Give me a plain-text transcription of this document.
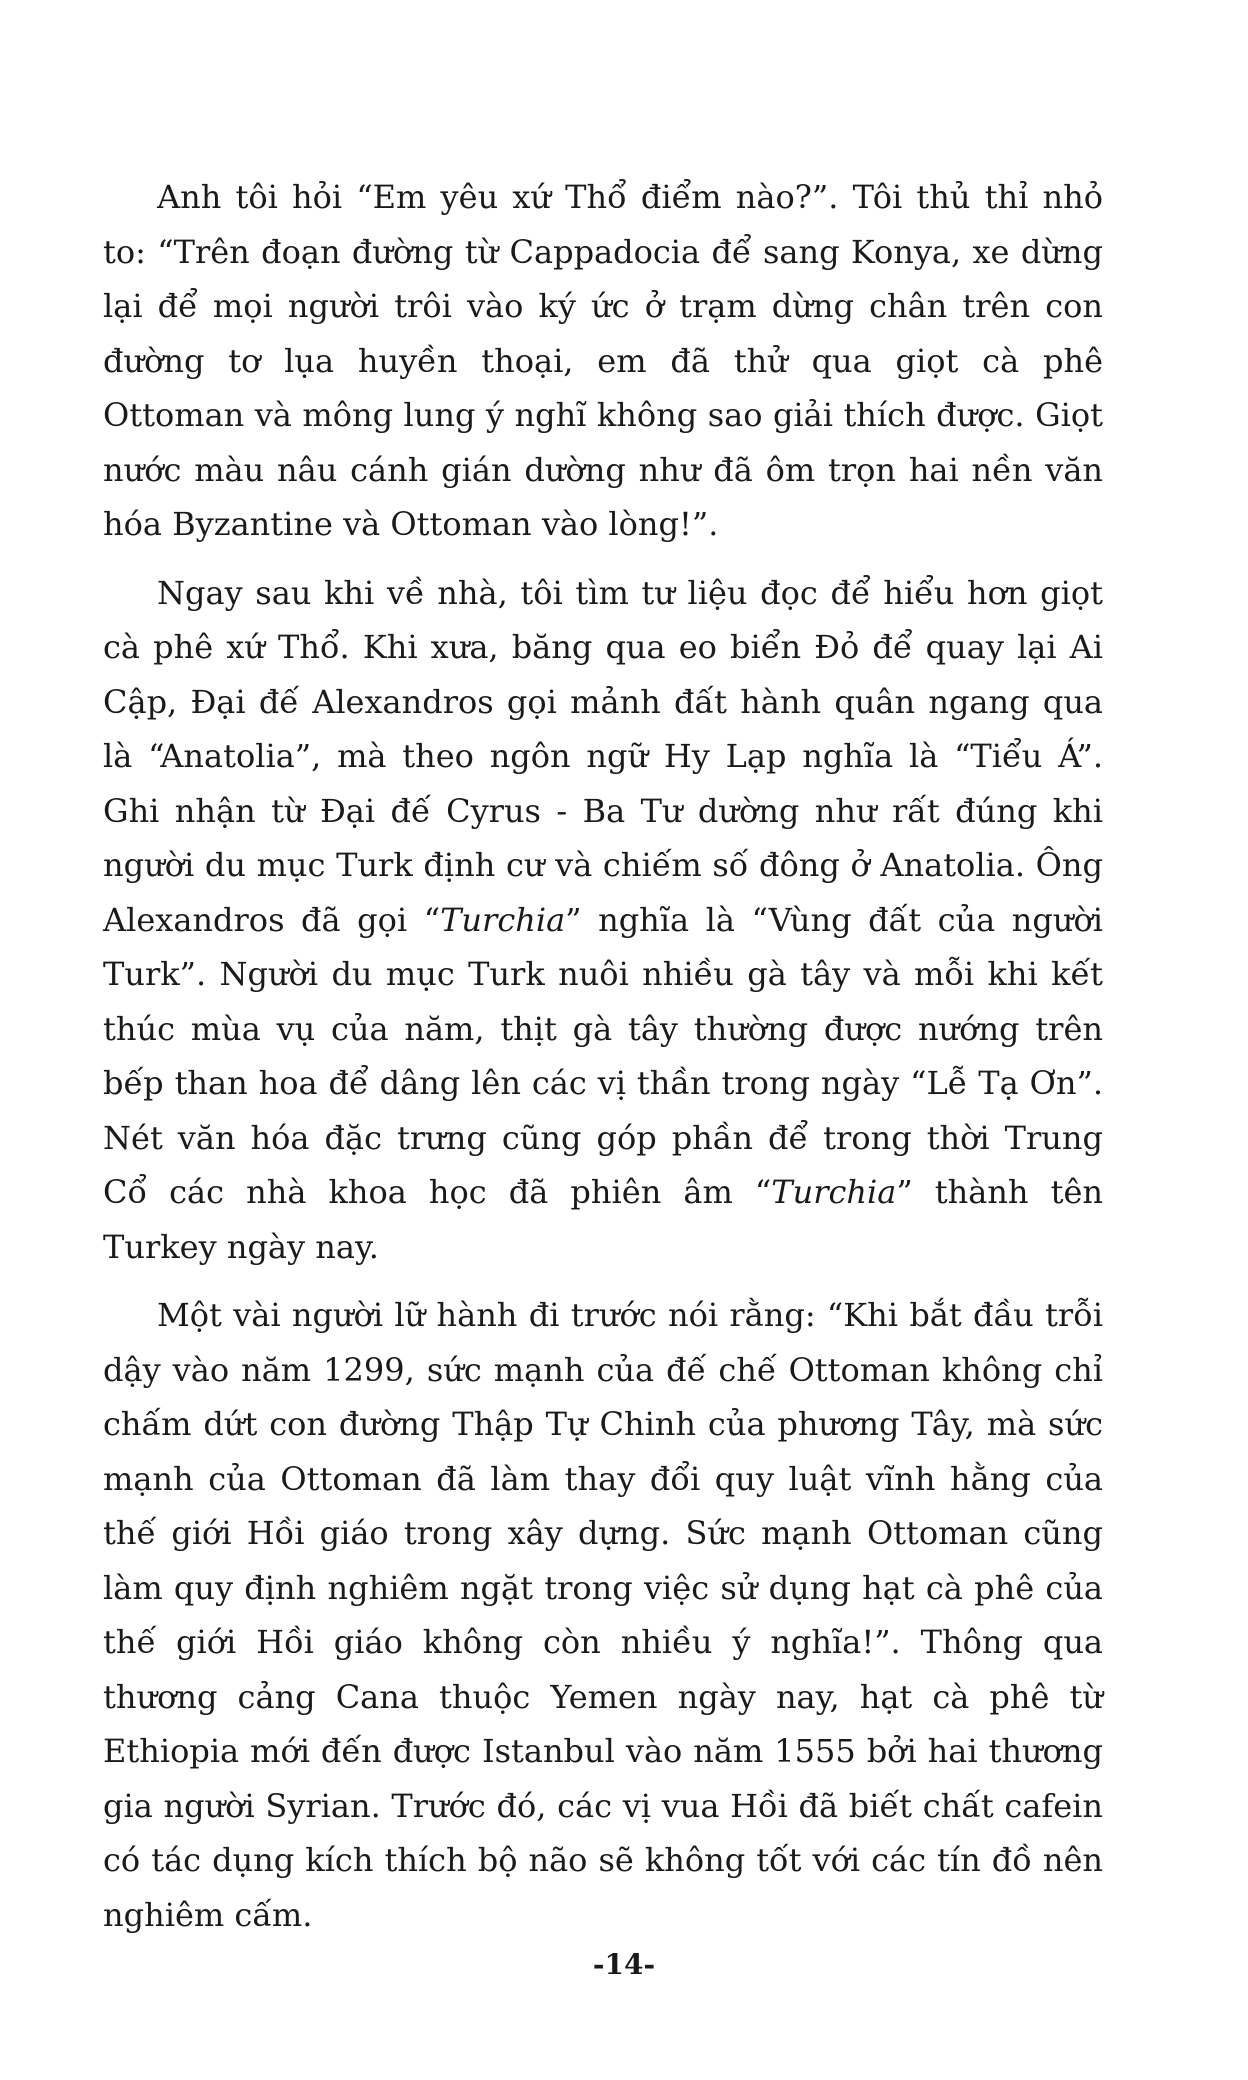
Anh tôi hỏi “Em yêu xứ Thổ điểm nào?”. Tôi thủ thỉ nhỏ to: “Trên đoạn đường từ Cappadocia để sang Konya, xe dừng lại để mọi người trôi vào ký ức ở trạm dừng chân trên con đường tơ lụa huyền thoại, em đã thử qua giọt cà phê Ottoman và mông lung ý nghĩ không sao giải thích được. Giọt nước màu nâu cánh gián dường như đã ôm trọn hai nền văn hóa Byzantine và Ottoman vào lòng!”.

Ngay sau khi về nhà, tôi tìm tư liệu đọc để hiểu hơn giọt cà phê xứ Thổ. Khi xưa, băng qua eo biển Đỏ để quay lại Ai Cập, Đại đế Alexandros gọi mảnh đất hành quân ngang qua là “Anatolia”, mà theo ngôn ngữ Hy Lạp nghĩa là “Tiểu Á”. Ghi nhận từ Đại đế Cyrus - Ba Tư dường như rất đúng khi người du mục Turk định cư và chiếm số đông ở Anatolia. Ông Alexandros đã gọi “Turchia” nghĩa là “Vùng đất của người Turk”. Người du mục Turk nuôi nhiều gà tây và mỗi khi kết thúc mùa vụ của năm, thịt gà tây thường được nướng trên bếp than hoa để dâng lên các vị thần trong ngày “Lễ Tạ Ơn”. Nét văn hóa đặc trưng cũng góp phần để trong thời Trung Cổ các nhà khoa học đã phiên âm “Turchia” thành tên Turkey ngày nay.

Một vài người lữ hành đi trước nói rằng: “Khi bắt đầu trỗi dậy vào năm 1299, sức mạnh của đế chế Ottoman không chỉ chấm dứt con đường Thập Tự Chinh của phương Tây, mà sức mạnh của Ottoman đã làm thay đổi quy luật vĩnh hằng của thế giới Hồi giáo trong xây dựng. Sức mạnh Ottoman cũng làm quy định nghiêm ngặt trong việc sử dụng hạt cà phê của thế giới Hồi giáo không còn nhiều ý nghĩa!”. Thông qua thương cảng Cana thuộc Yemen ngày nay, hạt cà phê từ Ethiopia mới đến được Istanbul vào năm 1555 bởi hai thương gia người Syrian. Trước đó, các vị vua Hồi đã biết chất cafein có tác dụng kích thích bộ não sẽ không tốt với các tín đồ nên nghiêm cấm.

-14-
